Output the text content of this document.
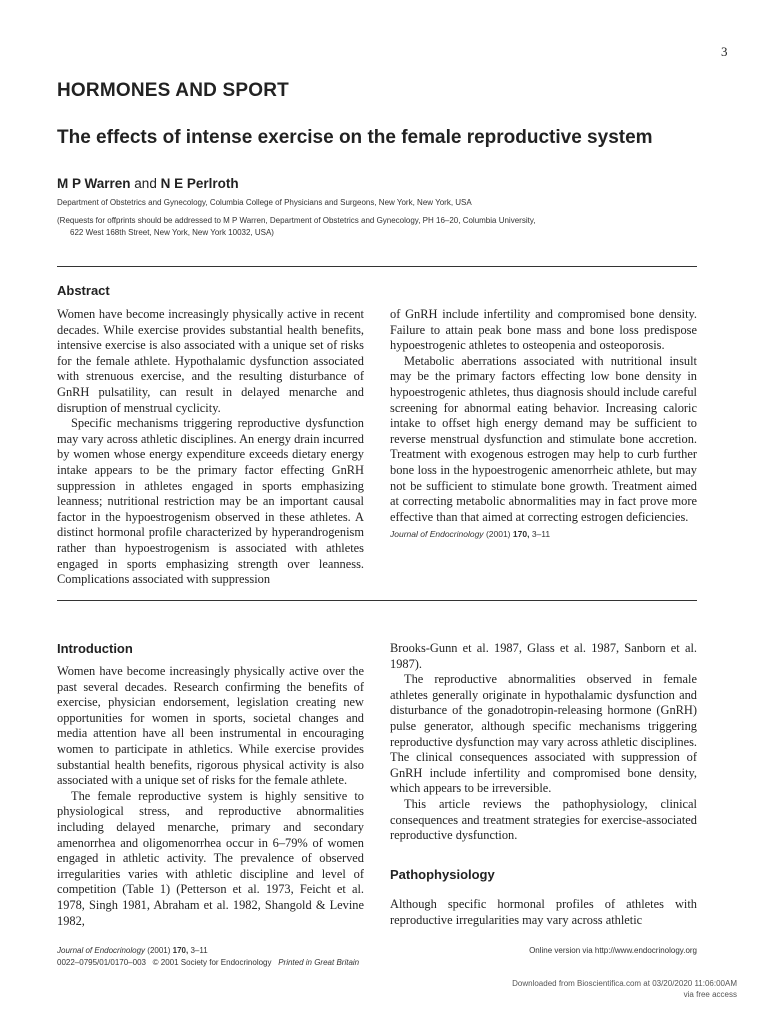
3
HORMONES AND SPORT
The effects of intense exercise on the female reproductive system
M P Warren and N E Perlroth
Department of Obstetrics and Gynecology, Columbia College of Physicians and Surgeons, New York, New York, USA
(Requests for offprints should be addressed to M P Warren, Department of Obstetrics and Gynecology, PH 16–20, Columbia University,
622 West 168th Street, New York, New York 10032, USA)
Abstract

Women have become increasingly physically active in recent decades. While exercise provides substantial health benefits, intensive exercise is also associated with a unique set of risks for the female athlete. Hypothalamic dysfunction associated with strenuous exercise, and the resulting disturbance of GnRH pulsatility, can result in delayed menarche and disruption of menstrual cyclicity.

Specific mechanisms triggering reproductive dysfunction may vary across athletic disciplines. An energy drain incurred by women whose energy expenditure exceeds dietary energy intake appears to be the primary factor effecting GnRH suppression in athletes engaged in sports emphasizing leanness; nutritional restriction may be an important causal factor in the hypoestrogenism observed in these athletes. A distinct hormonal profile characterized by hyperandrogenism rather than hypoestrogenism is associated with athletes engaged in sports emphasizing strength over leanness. Complications associated with suppression

of GnRH include infertility and compromised bone density. Failure to attain peak bone mass and bone loss predispose hypoestrogenic athletes to osteopenia and osteoporosis.

Metabolic aberrations associated with nutritional insult may be the primary factors effecting low bone density in hypoestrogenic athletes, thus diagnosis should include careful screening for abnormal eating behavior. Increasing caloric intake to offset high energy demand may be sufficient to reverse menstrual dysfunction and stimulate bone accretion. Treatment with exogenous estrogen may help to curb further bone loss in the hypoestrogenic amenorrheic athlete, but may not be sufficient to stimulate bone growth. Treatment aimed at correcting metabolic abnormalities may in fact prove more effective than that aimed at correcting estrogen deficiencies.

Journal of Endocrinology (2001) 170, 3–11
Introduction

Women have become increasingly physically active over the past several decades. Research confirming the benefits of exercise, physician endorsement, legislation creating new opportunities for women in sports, societal changes and media attention have all been instrumental in encouraging women to participate in athletics. While exercise provides substantial health benefits, rigorous physical activity is also associated with a unique set of risks for the female athlete.

The female reproductive system is highly sensitive to physiological stress, and reproductive abnormalities including delayed menarche, primary and secondary amenorrhea and oligomenorrhea occur in 6–79% of women engaged in athletic activity. The prevalence of observed irregularities varies with athletic discipline and level of competition (Table 1) (Petterson et al. 1973, Feicht et al. 1978, Singh 1981, Abraham et al. 1982, Shangold & Levine 1982,

Brooks-Gunn et al. 1987, Glass et al. 1987, Sanborn et al. 1987).

The reproductive abnormalities observed in female athletes generally originate in hypothalamic dysfunction and disturbance of the gonadotropin-releasing hormone (GnRH) pulse generator, although specific mechanisms triggering reproductive dysfunction may vary across athletic disciplines. The clinical consequences associated with suppression of GnRH include infertility and compromised bone density, which appears to be irreversible.

This article reviews the pathophysiology, clinical consequences and treatment strategies for exercise-associated reproductive dysfunction.

Pathophysiology

Although specific hormonal profiles of athletes with reproductive irregularities may vary across athletic

Journal of Endocrinology (2001) 170, 3–11
0022–0795/01/0170–003 © 2001 Society for Endocrinology Printed in Great Britain
Online version via http://www.endocrinology.org
Downloaded from Bioscientifica.com at 03/20/2020 11:06:00AM
via free access
